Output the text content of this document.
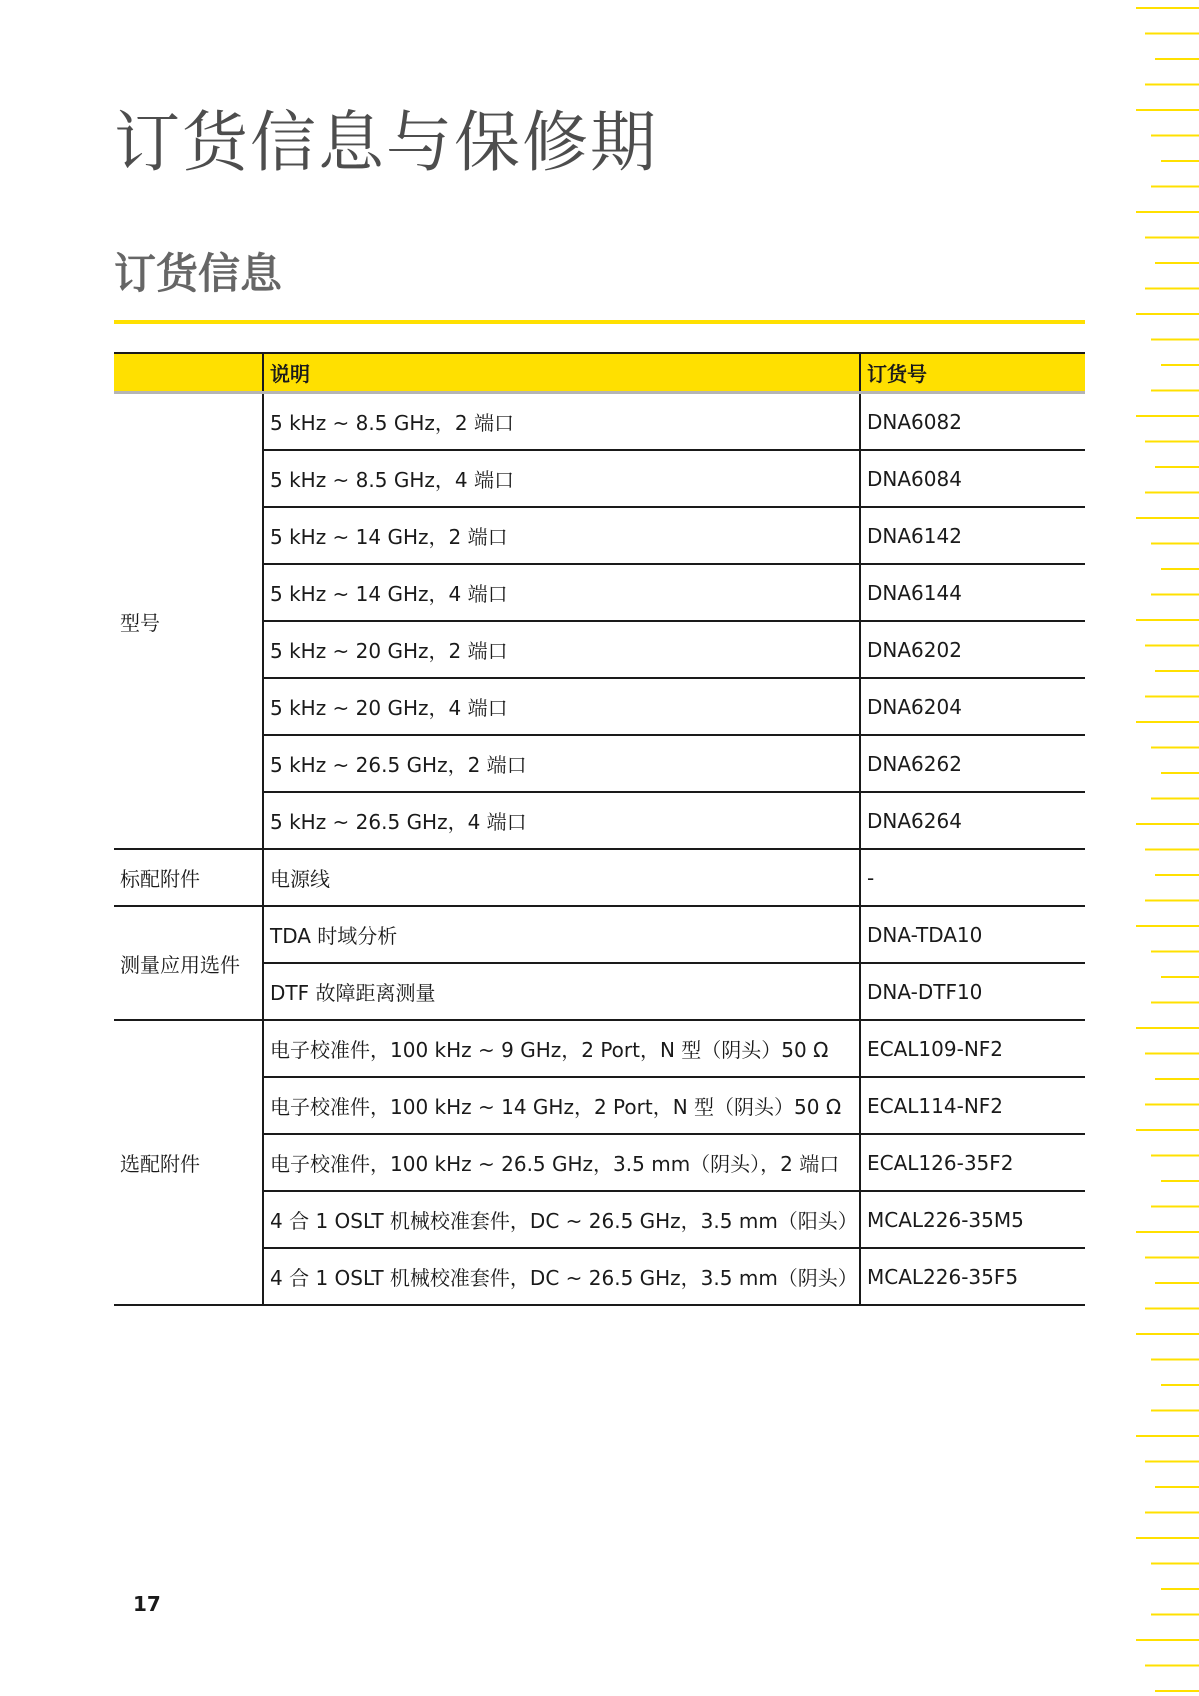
订货信息与保修期
订货信息
	说明	订货号
型号	5 kHz ~ 8.5 GHz，2 端口	DNA6082
	5 kHz ~ 8.5 GHz，4 端口	DNA6084
	5 kHz ~ 14 GHz，2 端口	DNA6142
	5 kHz ~ 14 GHz，4 端口	DNA6144
	5 kHz ~ 20 GHz，2 端口	DNA6202
	5 kHz ~ 20 GHz，4 端口	DNA6204
	5 kHz ~ 26.5 GHz，2 端口	DNA6262
	5 kHz ~ 26.5 GHz，4 端口	DNA6264
标配附件	电源线	-
测量应用选件	TDA 时域分析	DNA-TDA10
	DTF 故障距离测量	DNA-DTF10
选配附件	电子校准件，100 kHz ~ 9 GHz，2 Port，N 型（阴头）50 Ω	ECAL109-NF2
	电子校准件，100 kHz ~ 14 GHz，2 Port，N 型（阴头）50 Ω	ECAL114-NF2
	电子校准件，100 kHz ~ 26.5 GHz，3.5 mm（阴头），2 端口	ECAL126-35F2
	4 合 1 OSLT 机械校准套件，DC ~ 26.5 GHz，3.5 mm（阳头）	MCAL226-35M5
	4 合 1 OSLT 机械校准套件，DC ~ 26.5 GHz，3.5 mm（阴头）	MCAL226-35F5
17
